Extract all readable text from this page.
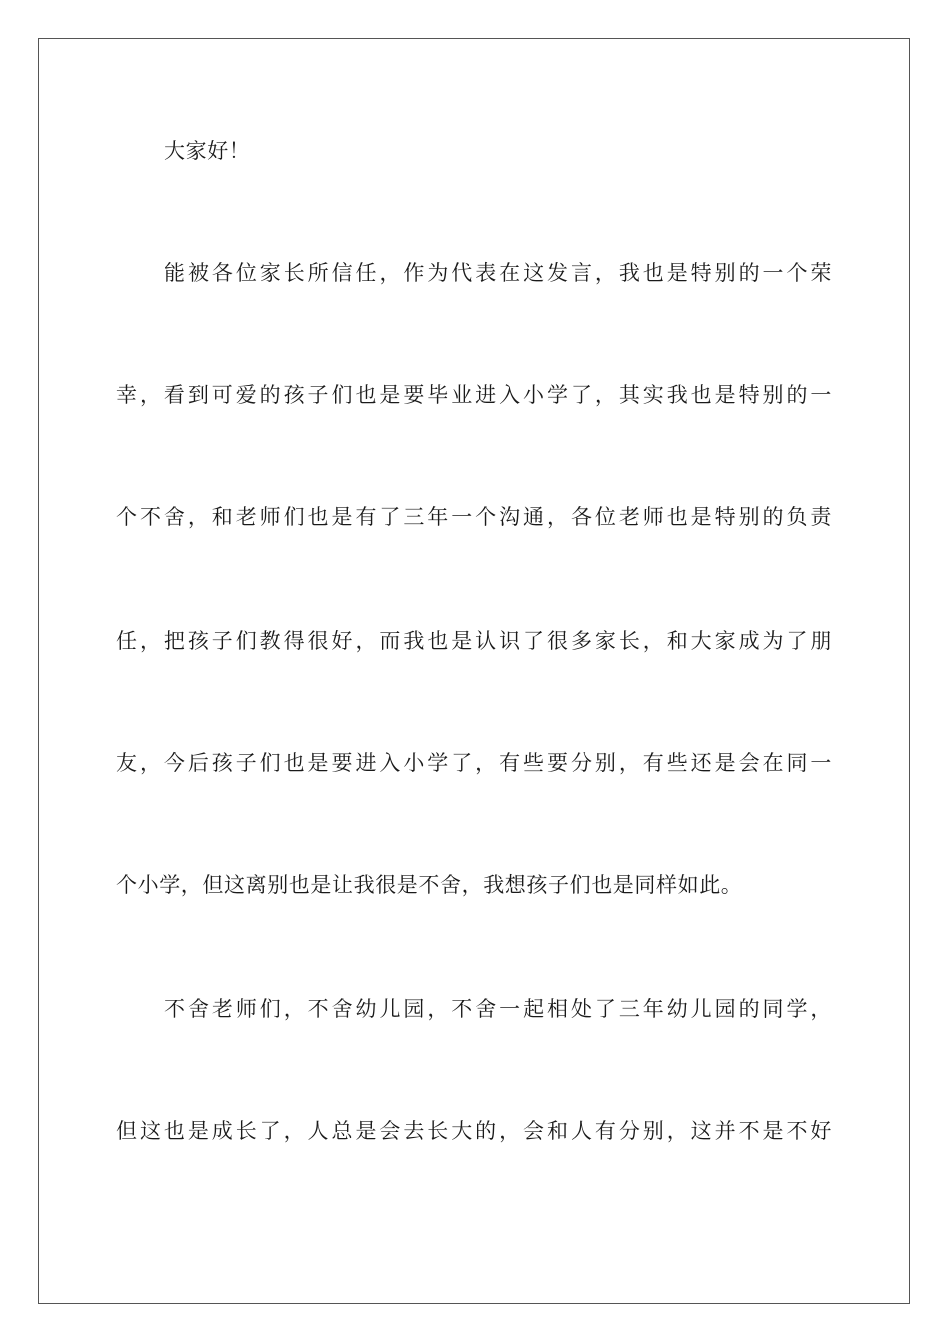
大家好！
能被各位家长所信任，作为代表在这发言，我也是特别的一个荣
幸，看到可爱的孩子们也是要毕业进入小学了，其实我也是特别的一
个不舍，和老师们也是有了三年一个沟通，各位老师也是特别的负责
任，把孩子们教得很好，而我也是认识了很多家长，和大家成为了朋
友，今后孩子们也是要进入小学了，有些要分别，有些还是会在同一
个小学，但这离别也是让我很是不舍，我想孩子们也是同样如此。
不舍老师们，不舍幼儿园，不舍一起相处了三年幼儿园的同学，
但这也是成长了，人总是会去长大的，会和人有分别，这并不是不好
